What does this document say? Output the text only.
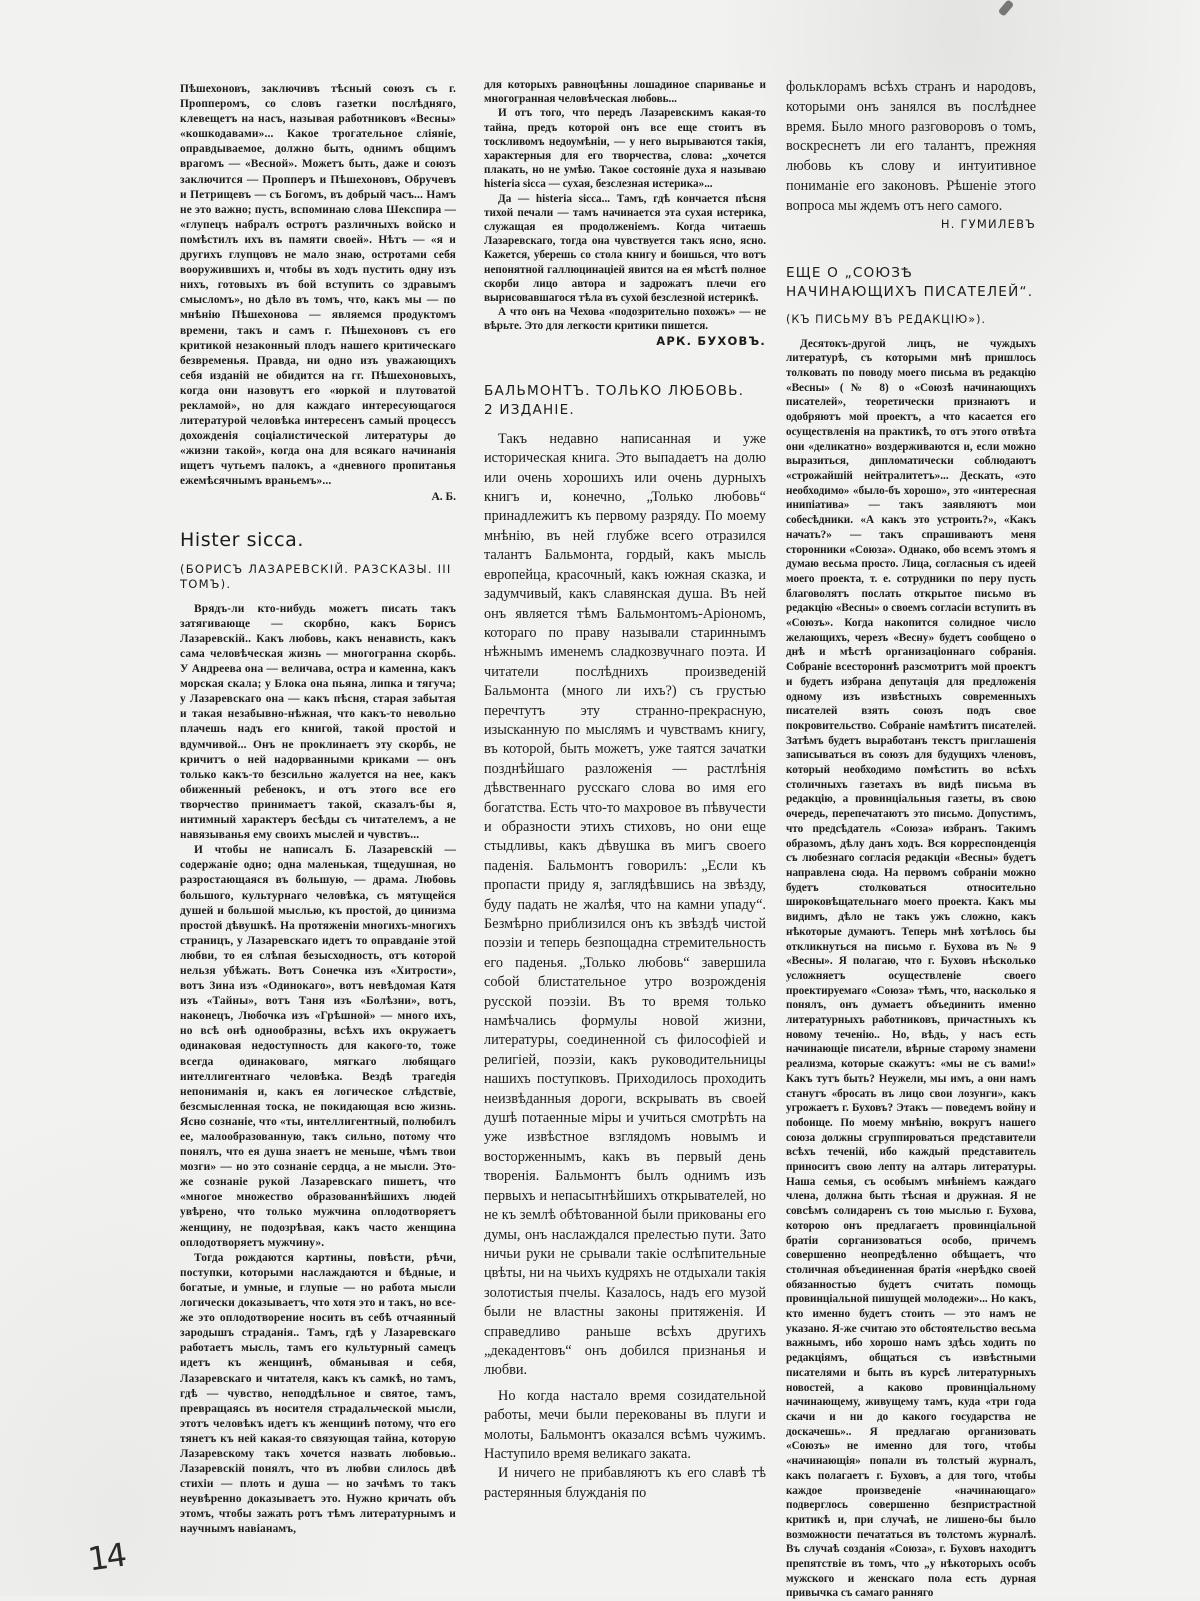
Пѣшехоновъ, заключивъ тѣсный союзъ съ г. Пропперомъ, со словъ газетки послѣдняго, клевещетъ на насъ, называя работниковъ «Весны» «кошкодавами»... Какое трогательное сліяніе, оправдываемое, должно быть, однимъ общимъ врагомъ — «Весной». Можетъ быть, даже и союзъ заключится — Пропперъ и Пѣшехоновъ, Обручевъ и Петрищевъ — съ Богомъ, въ добрый часъ... Намъ не это важно; пусть, вспоминаю слова Шекспира — «глупецъ набралъ остротъ различныхъ войско и помѣстилъ ихъ въ памяти своей». Нѣтъ — «я и другихъ глупцовъ не мало знаю, остротами себя вооружившихъ и, чтобы въ ходъ пустить одну изъ нихъ, готовыхъ въ бой вступить со здравымъ смысломъ», но дѣло въ томъ, что, какъ мы — по мнѣнію Пѣшехонова — являемся продуктомъ времени, такъ и самъ г. Пѣшехоновъ съ его критикой незаконный плодъ нашего критическаго безвременья. Правда, ни одно изъ уважающихъ себя изданій не обидится на гг. Пѣшехоновыхъ, когда они назовутъ его «юркой и плутоватой рекламой», но для каждаго интересующагося литературой человѣка интересенъ самый процессъ дохожденія соціалистической литературы до «жизни такой», когда она для всякаго начинанія ищетъ чутьемъ палокъ, а «дневного пропитанья ежемѣсячнымъ враньемъ»...

А. Б.

Hister sicca.
(БОРИСЪ ЛАЗАРЕВСКІЙ. РАЗСКАЗЫ. III ТОМЪ).

Врядъ-ли кто-нибудь можетъ писать такъ затягивающе — скорбно, какъ Борисъ Лазаревскій.. Какъ любовь, какъ ненависть, какъ сама человѣческая жизнь — многогранна скорбь. У Андреева она — величава, остра и каменна, какъ морская скала; у Блока она пьяна, липка и тягуча; у Лазаревскаго она — какъ пѣсня, старая забытая и такая незабывно-нѣжная, что какъ-то невольно плачешь надъ его книгой, такой простой и вдумчивой... Онъ не проклинаетъ эту скорбь, не кричитъ о ней надорванными криками — онъ только какъ-то безсильно жалуется на нее, какъ обиженный ребенокъ, и отъ этого все его творчество принимаетъ такой, сказалъ-бы я, интимный характеръ бесѣды съ читателемъ, а не навязыванья ему своихъ мыслей и чувствъ...

И чтобы не написалъ Б. Лазаревскій — содержаніе одно; одна маленькая, тщедушная, но разростающаяся въ большую, — драма. Любовь большого, культурнаго человѣка, съ мятущейся душей и большой мыслью, къ простой, до цинизма простой дѣвушкѣ. На протяженіи многихъ-многихъ страницъ, у Лазаревскаго идетъ то оправданіе этой любви, то ея слѣпая безысходность, отъ которой нельзя убѣжать. Вотъ Сонечка изъ «Хитрости», вотъ Зина изъ «Одинокаго», вотъ невѣдомая Катя изъ «Тайны», вотъ Таня изъ «Болѣзни», вотъ, наконецъ, Любочка изъ «Грѣшной» — много ихъ, но всѣ онѣ однообразны, всѣхъ ихъ окружаетъ одинаковая недоступность для какого-то, тоже всегда одинаковаго, мягкаго любящаго интеллигентнаго человѣка. Вездѣ трагедія непониманія и, какъ ея логическое слѣдствіе, безсмысленная тоска, не покидающая всю жизнь. Ясно сознаніе, что «ты, интеллигентный, полюбилъ ее, малообразованную, такъ сильно, потому что понялъ, что ея душа знаетъ не меньше, чѣмъ твои мозги» — но это сознаніе сердца, а не мысли. Это-же сознаніе рукой Лазаревскаго пишетъ, что «многое множество образованнѣйшихъ людей увѣрено, что только мужчина оплодотворяетъ женщину, не подозрѣвая, какъ часто женщина оплодотворяетъ мужчину».

Тогда рождаются картины, повѣсти, рѣчи, поступки, которыми наслаждаются и бѣдные, и богатые, и умные, и глупые — но работа мысли логически доказываетъ, что хотя это и такъ, но все-же это оплодотворение носить въ себѣ отчаянный зародышъ страданія.. Тамъ, гдѣ у Лазаревскаго работаетъ мысль, тамъ его культурный самецъ идетъ къ женщинѣ, обманывая и себя, Лазаревскаго и читателя, какъ къ самкѣ, но тамъ, гдѣ — чувство, неподдѣльное и святое, тамъ, превращаясь въ носителя страдальческой мысли, этотъ человѣкъ идетъ къ женщинѣ потому, что его тянетъ къ ней какая-то связующая тайна, которую Лазаревскому такъ хочется назвать любовью.. Лазаревскій понялъ, что въ любви слилось двѣ стихіи — плоть и душа — но зачѣмъ то такъ неувѣренно доказываетъ это. Нужно кричать объ этомъ, чтобы зажать ротъ тѣмъ литературнымъ и научнымъ навіанамъ,

для которыхъ равноцѣнны лошадиное спариванье и многогранная человѣческая любовь...

И отъ того, что передъ Лазаревскимъ какая-то тайна, предъ которой онъ все еще стоитъ въ тоскливомъ недоумѣніи, — у него вырываются такія, характерныя для его творчества, слова: „хочется плакать, но не умѣю. Такое состояніе духа я называю histeria sicca — сухая, безслезная истерика»...

Да — histeria sicca... Тамъ, гдѣ кончается пѣсня тихой печали — тамъ начинается эта сухая истерика, служащая ея продолженіемъ. Когда читаешь Лазаревскаго, тогда она чувствуется такъ ясно, ясно. Кажется, уберешь со стола книгу и боишься, что вотъ непонятной галлюцинаціей явится на ея мѣстѣ полное скорби лицо автора и задрожатъ плечи его вырисовавшагося тѣла въ сухой безслезной истерикѣ.

А что онъ на Чехова «подозрительно похожъ» — не вѣрьте. Это для легкости критики пишется.

АРК. БУХОВЪ.

БАЛЬМОНТЪ. ТОЛЬКО ЛЮБОВЬ. 2 ИЗДАНІЕ.

Такъ недавно написанная и уже историческая книга. Это выпадаетъ на долю или очень хорошихъ или очень дурныхъ книгъ и, конечно, „Только любовь“ принадлежитъ къ первому разряду. По моему мнѣнію, въ ней глубже всего отразился талантъ Бальмонта, гордый, какъ мысль европейца, красочный, какъ южная сказка, и задумчивый, какъ славянская душа. Въ ней онъ является тѣмъ Бальмонтомъ-Аріономъ, котораго по праву называли стариннымъ нѣжнымъ именемъ сладкозвучнаго поэта. И читатели послѣднихъ произведеній Бальмонта (много ли ихъ?) съ грустью перечтутъ эту странно-прекрасную, изысканную по мыслямъ и чувствамъ книгу, въ которой, быть можетъ, уже таятся зачатки позднѣйшаго разложенія — растлѣнія дѣвственнаго русскаго слова во имя его богатства. Есть что-то махровое въ пѣвучести и образности этихъ стиховъ, но они еще стыдливы, какъ дѣвушка въ мигъ своего паденія. Бальмонтъ говорилъ: „Если къ пропасти приду я, заглядѣвшись на звѣзду, буду падать не жалѣя, что на камни упаду“. Безмѣрно приблизился онъ къ звѣздѣ чистой поэзіи и теперь безпощадна стремительность его паденья. „Только любовь“ завершила собой блистательное утро возрожденія русской поэзіи. Въ то время только намѣчались формулы новой жизни, литературы, соединенной съ философіей и религіей, поэзіи, какъ руководительницы нашихъ поступковъ. Приходилось проходить неизвѣданныя дороги, вскрывать въ своей душѣ потаенные міры и учиться смотрѣть на уже извѣстное взглядомъ новымъ и восторженнымъ, какъ въ первый день творенія. Бальмонтъ былъ однимъ изъ первыхъ и непасытнѣйшихъ открывателей, но не къ землѣ обѣтованной были прикованы его думы, онъ наслаждался прелестью пути. Зато ничьи руки не срывали такіе ослѣпительные цвѣты, ни на чьихъ кудряхъ не отдыхали такія золотистыя пчелы. Казалось, надъ его музой были не властны законы притяженія. И справедливо раньше всѣхъ другихъ „декадентовъ“ онъ добился признанья и любви.

Но когда настало время созидательной работы, мечи были перекованы въ плуги и молоты, Бальмонтъ оказался всѣмъ чужимъ. Наступило время великаго заката.

И ничего не прибавляютъ къ его славѣ тѣ растерянныя блужданія по

фольклорамъ всѣхъ странъ и народовъ, которыми онъ занялся въ послѣднее время. Было много разговоровъ о томъ, воскреснетъ ли его талантъ, прежняя любовь къ слову и интуитивное пониманіе его законовъ. Рѣшеніе этого вопроса мы ждемъ отъ него самого.

Н. ГУМИЛЕВЪ

ЕЩЕ О „СОЮЗѢ НАЧИНАЮЩИХЪ ПИСАТЕЛЕЙ“.
(КЪ ПИСЬМУ ВЪ РЕДАКЦІЮ»).

Десятокъ-другой лицъ, не чуждыхъ литературѣ, съ которыми мнѣ пришлось толковать по поводу моего письма въ редакцію «Весны» (№ 8) о «Союзѣ начинающихъ писателей», теоретически признаютъ и одобряютъ мой проектъ, а что касается его осуществленія на практикѣ, то отъ этого отвѣта они «деликатно» воздерживаются и, если можно выразиться, дипломатически соблюдаютъ «строжайшій нейтралитетъ»... Дескать, «это необходимо» «было-бъ хорошо», это «интересная инипіатива» — такъ заявляютъ мои собесѣдники. «А какъ это устроить?», «Какъ начать?» — такъ спрашиваютъ меня сторонники «Союза». Однако, обо всемъ этомъ я думаю весьма просто. Лица, согласныя съ идеей моего проекта, т. е. сотрудники по перу пусть благоволятъ послать открытое письмо въ редакцію «Весны» о своемъ согласіи вступить въ «Союзъ». Когда накопится солидное число желающихъ, черезъ «Весну» будетъ сообщено о днѣ и мѣстѣ организаціоннаго собранія. Собраніе всестороннѣ разсмотритъ мой проектъ и будетъ избрана депутація для предложенія одному изъ извѣстныхъ современныхъ писателей взять союзъ подъ свое покровительство. Собраніе намѣтитъ писателей. Затѣмъ будетъ выработанъ текстъ приглашенія записываться въ союзъ для будущихъ членовъ, который необходимо помѣстить во всѣхъ столичныхъ газетахъ въ видѣ письма въ редакцію, а провинціальныя газеты, въ свою очередь, перепечатаютъ это письмо. Допустимъ, что предсѣдатель «Союза» избранъ. Такимъ образомъ, дѣлу данъ ходъ. Вся корреспонденція съ любезнаго согласія редакціи «Весны» будетъ направлена сюда. На первомъ собраніи можно будетъ столковаться относительно широковѣщательнаго моего проекта. Какъ мы видимъ, дѣло не такъ ужъ сложно, какъ нѣкоторые думаютъ. Теперь мнѣ хотѣлось бы откликнуться на письмо г. Бухова въ № 9 «Весны». Я полагаю, что г. Буховъ нѣсколько усложняетъ осуществленіе своего проектируемаго «Союза» тѣмъ, что, насколько я понялъ, онъ думаетъ объединить именно литературныхъ работниковъ, причастныхъ къ новому теченію.. Но, вѣдь, у насъ есть начинающіе писатели, вѣрные старому знамени реализма, которые скажутъ: «мы не съ вами!» Какъ тутъ быть? Неужели, мы имъ, а они намъ станутъ «бросать въ лицо свои лозунги», какъ угрожаетъ г. Буховъ? Этакъ — поведемъ войну и побоище. По моему мнѣнію, вокругъ нашего союза должны сгруппироваться представители всѣхъ теченій, ибо каждый представитель приноситъ свою лепту на алтарь литературы. Наша семья, съ особымъ мнѣніемъ каждаго члена, должна быть тѣсная и дружная. Я не совсѣмъ солидаренъ съ тою мыслью г. Бухова, которою онъ предлагаетъ провинціальной братіи сорганизоваться особо, причемъ совершенно неопредѣленно обѣщаетъ, что столичная объединенная братія «нерѣдко своей обязанностью будетъ считать помощь провинціальной пишущей молодежи»... Но какъ, кто именно будетъ стоить — это намъ не указано. Я-же считаю это обстоятельство весьма важнымъ, ибо хорошо намъ здѣсь ходить по редакціямъ, общаться съ извѣстными писателями и быть въ курсѣ литературныхъ новостей, а каково провинціальному начинающему, живущему тамъ, куда «три года скачи и ни до какого государства не доскачешь».. Я предлагаю организовать «Союзъ» не именно для того, чтобы «начинающія» попали въ толстый журналъ, какъ полагаетъ г. Буховъ, а для того, чтобы каждое произведеніе «начинающаго» подверглось совершенно безпристрастной критикѣ и, при случаѣ, не лишено-бы было возможности печататься въ толстомъ журналѣ. Въ случаѣ созданія «Союза», г. Буховъ находитъ препятствіе въ томъ, что „у нѣкоторыхъ особъ мужского и женскаго пола есть дурная привычка съ самаго ранняго

14
